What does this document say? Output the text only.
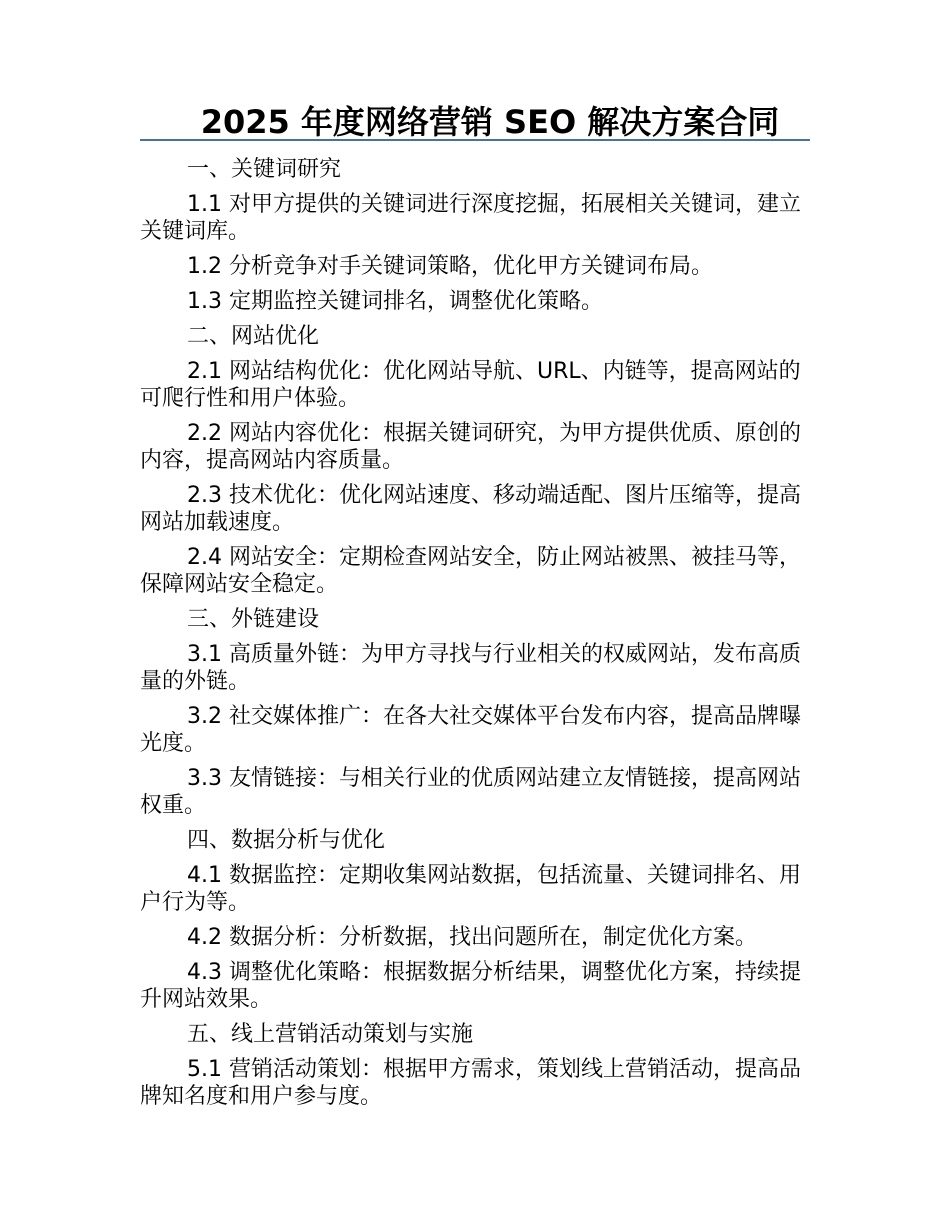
2025 年度网络营销 SEO 解决方案合同

一、关键词研究

1.1 对甲方提供的关键词进行深度挖掘，拓展相关关键词，建立关键词库。

1.2 分析竞争对手关键词策略，优化甲方关键词布局。

1.3 定期监控关键词排名，调整优化策略。

二、网站优化

2.1 网站结构优化：优化网站导航、URL、内链等，提高网站的可爬行性和用户体验。

2.2 网站内容优化：根据关键词研究，为甲方提供优质、原创的内容，提高网站内容质量。

2.3 技术优化：优化网站速度、移动端适配、图片压缩等，提高网站加载速度。

2.4 网站安全：定期检查网站安全，防止网站被黑、被挂马等，保障网站安全稳定。

三、外链建设

3.1 高质量外链：为甲方寻找与行业相关的权威网站，发布高质量的外链。

3.2 社交媒体推广：在各大社交媒体平台发布内容，提高品牌曝光度。

3.3 友情链接：与相关行业的优质网站建立友情链接，提高网站权重。

四、数据分析与优化

4.1 数据监控：定期收集网站数据，包括流量、关键词排名、用户行为等。

4.2 数据分析：分析数据，找出问题所在，制定优化方案。

4.3 调整优化策略：根据数据分析结果，调整优化方案，持续提升网站效果。

五、线上营销活动策划与实施

5.1 营销活动策划：根据甲方需求，策划线上营销活动，提高品牌知名度和用户参与度。
